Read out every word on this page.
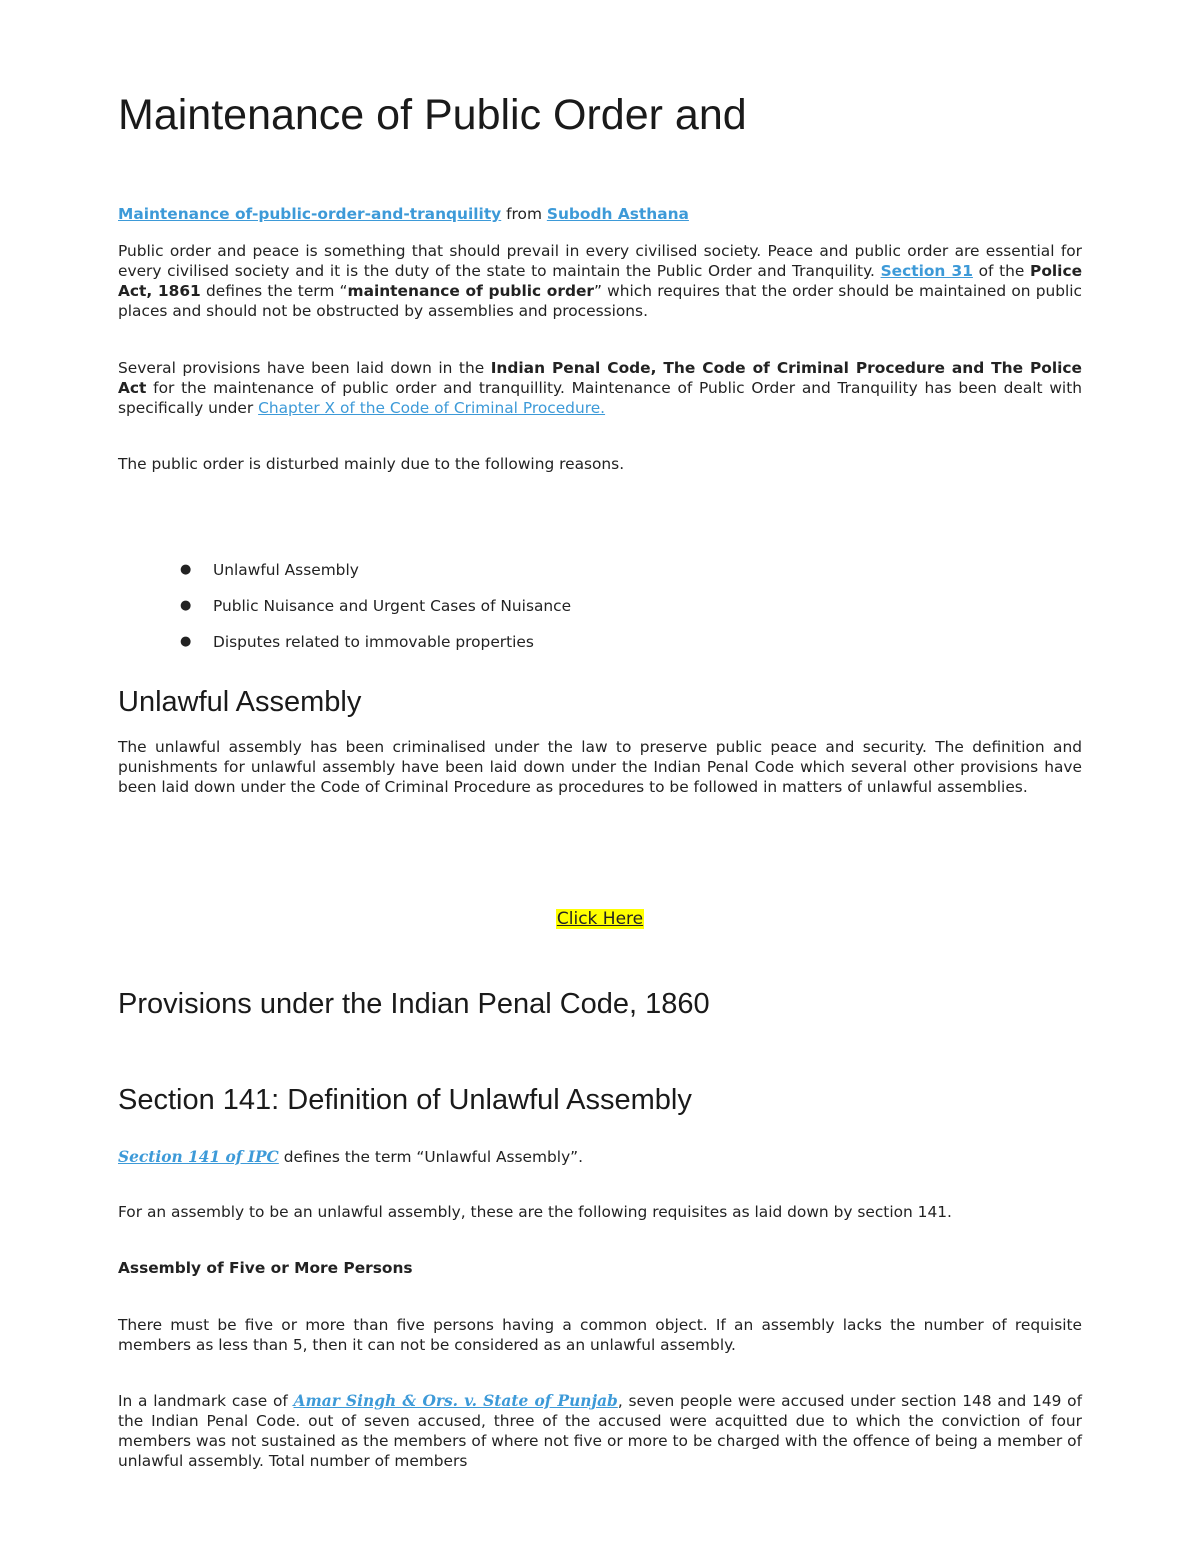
Maintenance of Public Order and

Maintenance of-public-order-and-tranquility from Subodh Asthana

Public order and peace is something that should prevail in every civilised society. Peace and public order are essential for every civilised society and it is the duty of the state to maintain the Public Order and Tranquility. Section 31 of the Police Act, 1861 defines the term “maintenance of public order” which requires that the order should be maintained on public places and should not be obstructed by assemblies and processions.

Several provisions have been laid down in the Indian Penal Code, The Code of Criminal Procedure and The Police Act for the maintenance of public order and tranquillity. Maintenance of Public Order and Tranquility has been dealt with specifically under Chapter X of the Code of Criminal Procedure.

The public order is disturbed mainly due to the following reasons.

● Unlawful Assembly
● Public Nuisance and Urgent Cases of Nuisance
● Disputes related to immovable properties
Unlawful Assembly

The unlawful assembly has been criminalised under the law to preserve public peace and security. The definition and punishments for unlawful assembly have been laid down under the Indian Penal Code which several other provisions have been laid down under the Code of Criminal Procedure as procedures to be followed in matters of unlawful assemblies.

Click Here
Provisions under the Indian Penal Code, 1860
Section 141: Definition of Unlawful Assembly

Section 141 of IPC defines the term “Unlawful Assembly”.

For an assembly to be an unlawful assembly, these are the following requisites as laid down by section 141.

Assembly of Five or More Persons

There must be five or more than five persons having a common object. If an assembly lacks the number of requisite members as less than 5, then it can not be considered as an unlawful assembly.

In a landmark case of Amar Singh & Ors. v. State of Punjab, seven people were accused under section 148 and 149 of the Indian Penal Code. out of seven accused, three of the accused were acquitted due to which the conviction of four members was not sustained as the members of where not five or more to be charged with the offence of being a member of unlawful assembly. Total number of members
